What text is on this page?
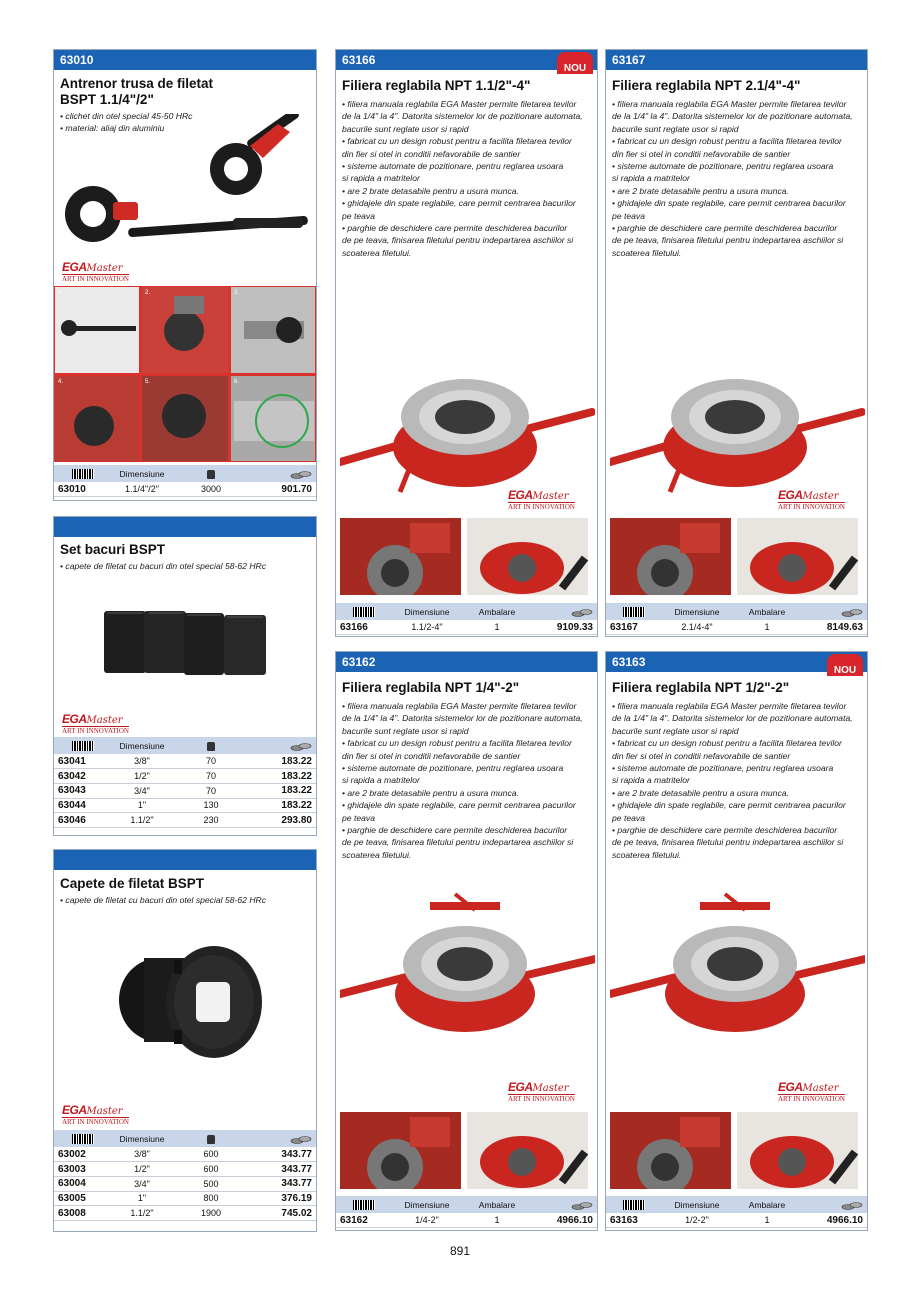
63010
Antrenor trusa de filetat BSPT 1.1/4"/2"
• clichet din otel special 45-50 HRc
• material: aliaj din aluminiu
EGAMaster
ART IN INNOVATION
1.	2.	3.
4.	5.	6.
	Dimensiune		
63010	1.1/4"/2"	3000	901.70
Set bacuri BSPT
• capete de filetat cu bacuri din otel special 58-62 HRc
EGAMaster
ART IN INNOVATION
	Dimensiune		
63041	3/8"	70	183.22
63042	1/2"	70	183.22
63043	3/4"	70	183.22
63044	1"	130	183.22
63046	1.1/2"	230	293.80
Capete de filetat BSPT
• capete de filetat cu bacuri din otel special 58-62 HRc
EGAMaster
ART IN INNOVATION
	Dimensiune		
63002	3/8"	600	343.77
63003	1/2"	600	343.77
63004	3/4"	500	343.77
63005	1"	800	376.19
63008	1.1/2"	1900	745.02
63166
NOU
Filiera reglabila NPT 1.1/2"-4"
• filiera manuala reglabila EGA Master permite filetarea tevilor
de la 1/4" la 4". Datorita sistemelor lor de pozitionare automata,
bacurile sunt reglate usor si rapid
• fabricat cu un design robust pentru a facilita filetarea tevilor
din fier si otel in conditii nefavorabile de santier
• sisteme automate de pozitionare, pentru reglarea usoara
si rapida a matritelor
• are 2 brate detasabile pentru a usura munca.
• ghidajele din spate reglabile, care permit centrarea bacurilor
pe teava
• parghie de deschidere care permite deschiderea bacurilor
de pe teava, finisarea filetului pentru indepartarea aschiilor si
scoaterea filetului.
EGAMaster
ART IN INNOVATION
	Dimensiune	Ambalare	
63166	1.1/2-4"	1	9109.33
63167
Filiera reglabila NPT 2.1/4"-4"
• filiera manuala reglabila EGA Master permite filetarea tevilor
de la 1/4" la 4". Datorita sistemelor lor de pozitionare automata,
bacurile sunt reglate usor si rapid
• fabricat cu un design robust pentru a facilita filetarea tevilor
din fier si otel in conditii nefavorabile de santier
• sisteme automate de pozitionare, pentru reglarea usoara
si rapida a matritelor
• are 2 brate detasabile pentru a usura munca.
• ghidajele din spate reglabile, care permit centrarea bacurilor
pe teava
• parghie de deschidere care permite deschiderea bacurilor
de pe teava, finisarea filetului pentru indepartarea aschiilor si
scoaterea filetului.
EGAMaster
ART IN INNOVATION
	Dimensiune	Ambalare	
63167	2.1/4-4"	1	8149.63
63162
Filiera reglabila NPT 1/4"-2"
• filiera manuala reglabila EGA Master permite filetarea tevilor
de la 1/4" la 4". Datorita sistemelor lor de pozitionare automata,
bacurile sunt reglate usor si rapid
• fabricat cu un design robust pentru a facilita filetarea tevilor
din fier si otel in conditii nefavorabile de santier
• sisteme automate de pozitionare, pentru reglarea usoara
si rapida a matritelor
• are 2 brate detasabile pentru a usura munca.
• ghidajele din spate reglabile, care permit centrarea pacurilor
pe teava
• parghie de deschidere care permite deschiderea bacurilor
de pe teava, finisarea filetului pentru indepartarea aschiilor si
scoaterea filetului.
EGAMaster
ART IN INNOVATION
	Dimensiune	Ambalare	
63162	1/4-2"	1	4966.10
63163
NOU
Filiera reglabila NPT 1/2"-2"
• filiera manuala reglabila EGA Master permite filetarea tevilor
de la 1/4" la 4". Datorita sistemelor lor de pozitionare automata,
bacurile sunt reglate usor si rapid
• fabricat cu un design robust pentru a facilita filetarea tevilor
din fier si otel in conditii nefavorabile de santier
• sisteme automate de pozitionare, pentru reglarea usoara
si rapida a matritelor
• are 2 brate detasabile pentru a usura munca.
• ghidajele din spate reglabile, care permit centrarea pacurilor
pe teava
• parghie de deschidere care permite deschiderea bacurilor
de pe teava, finisarea filetului pentru indepartarea aschiilor si
scoaterea filetului.
EGAMaster
ART IN INNOVATION
	Dimensiune	Ambalare	
63163	1/2-2"	1	4966.10
891
